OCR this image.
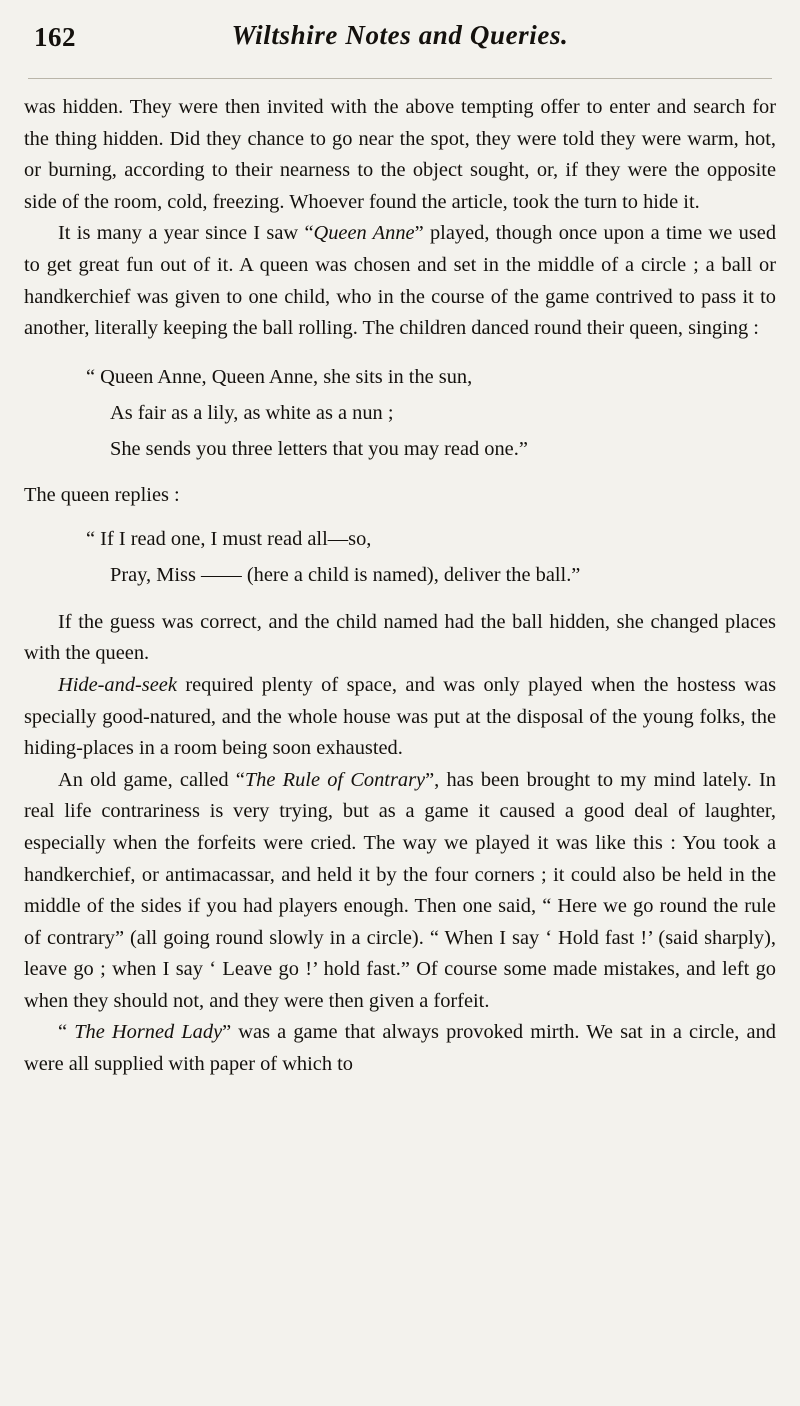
162	Wiltshire Notes and Queries.

was hidden. They were then invited with the above tempting offer to enter and search for the thing hidden. Did they chance to go near the spot, they were told they were warm, hot, or burning, according to their nearness to the object sought, or, if they were the opposite side of the room, cold, freezing. Whoever found the article, took the turn to hide it.

It is many a year since I saw “Queen Anne” played, though once upon a time we used to get great fun out of it. A queen was chosen and set in the middle of a circle ; a ball or handkerchief was given to one child, who in the course of the game contrived to pass it to another, literally keeping the ball rolling. The children danced round their queen, singing :

“ Queen Anne, Queen Anne, she sits in the sun,
As fair as a lily, as white as a nun ;
She sends you three letters that you may read one.”
The queen replies :
“ If I read one, I must read all—so,
Pray, Miss —— (here a child is named), deliver the ball.”

If the guess was correct, and the child named had the ball hidden, she changed places with the queen.

Hide-and-seek required plenty of space, and was only played when the hostess was specially good-natured, and the whole house was put at the disposal of the young folks, the hiding-places in a room being soon exhausted.

An old game, called “The Rule of Contrary”, has been brought to my mind lately. In real life contrariness is very trying, but as a game it caused a good deal of laughter, especially when the forfeits were cried. The way we played it was like this : You took a handkerchief, or antimacassar, and held it by the four corners ; it could also be held in the middle of the sides if you had players enough. Then one said, “ Here we go round the rule of contrary” (all going round slowly in a circle). “ When I say ‘ Hold fast !’ (said sharply), leave go ; when I say ‘ Leave go !’ hold fast.” Of course some made mistakes, and left go when they should not, and they were then given a forfeit.

“ The Horned Lady” was a game that always provoked mirth. We sat in a circle, and were all supplied with paper of which to
